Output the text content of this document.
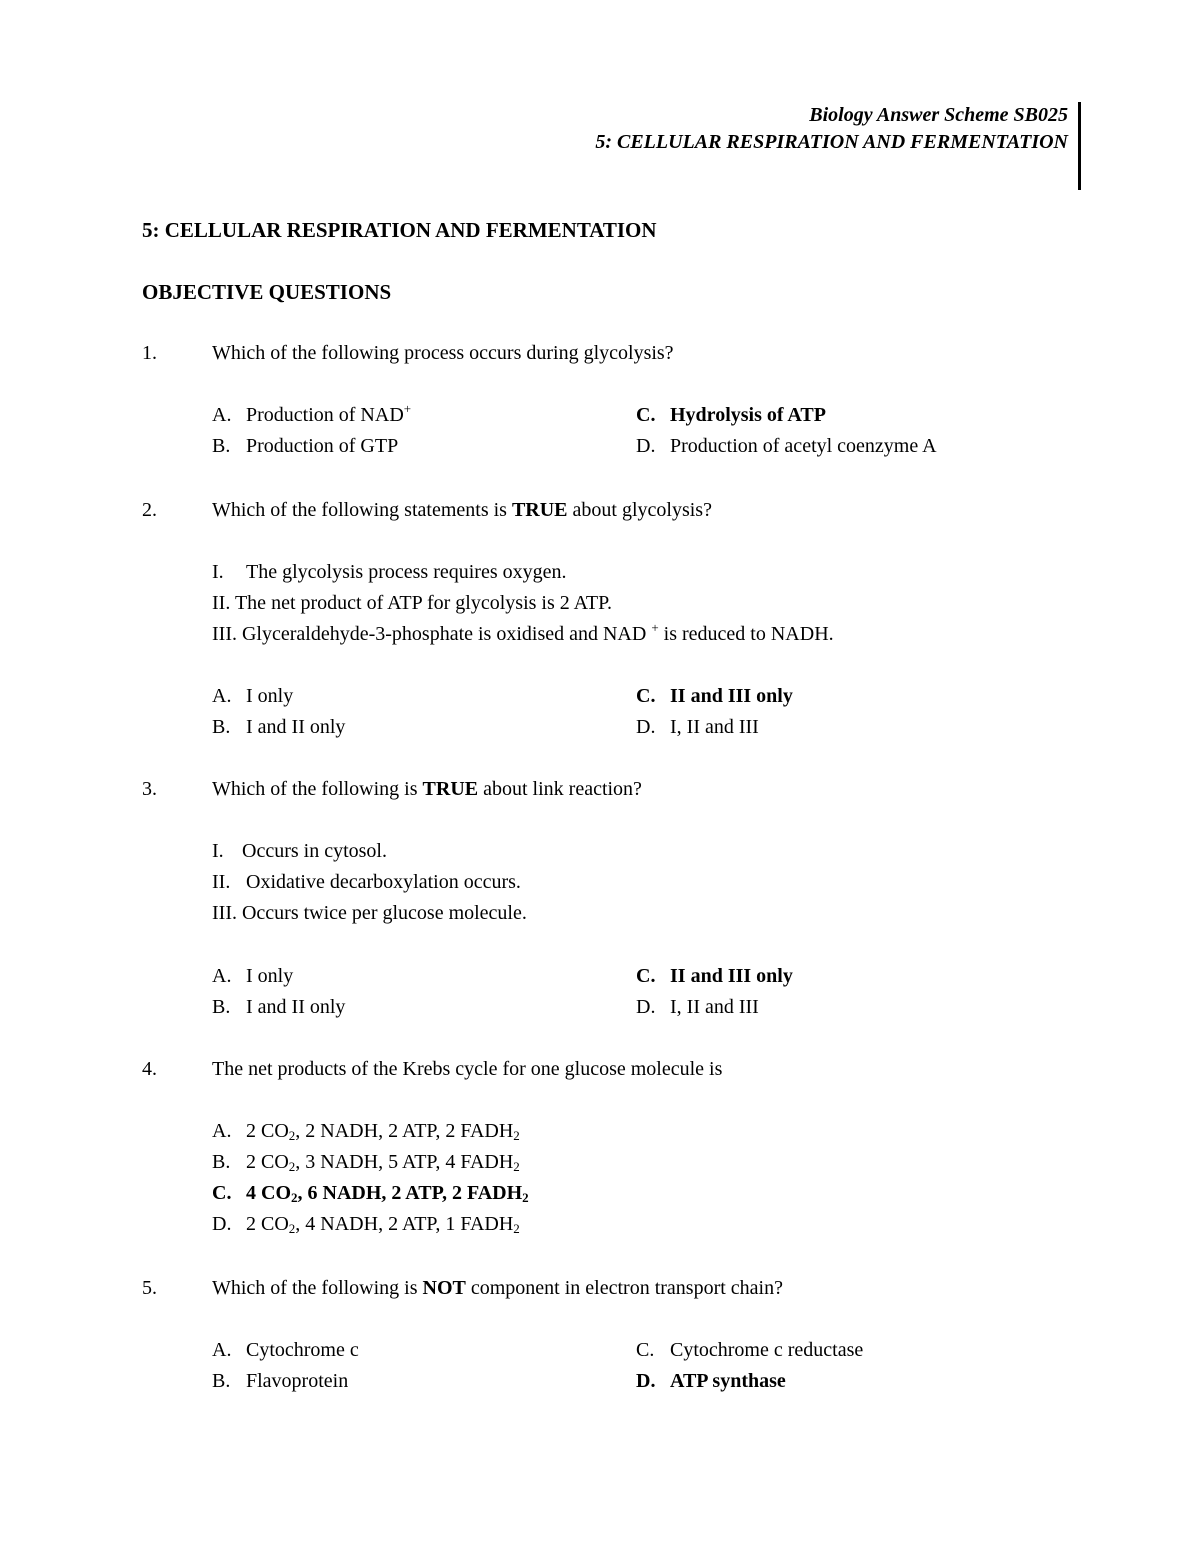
Biology Answer Scheme SB025
5: CELLULAR RESPIRATION AND FERMENTATION
5: CELLULAR RESPIRATION AND FERMENTATION
OBJECTIVE QUESTIONS
1.	Which of the following process occurs during glycolysis?
A. Production of NAD+	C. Hydrolysis of ATP
B. Production of GTP	D. Production of acetyl coenzyme A
2.	Which of the following statements is TRUE about glycolysis?
I. The glycolysis process requires oxygen.
II. The net product of ATP for glycolysis is 2 ATP.
III. Glyceraldehyde-3-phosphate is oxidised and NAD + is reduced to NADH.
A. I only	C. II and III only
B. I and II only	D. I, II and III
3.	Which of the following is TRUE about link reaction?
I. Occurs in cytosol.
II. Oxidative decarboxylation occurs.
III. Occurs twice per glucose molecule.
A. I only	C. II and III only
B. I and II only	D. I, II and III
4.	The net products of the Krebs cycle for one glucose molecule is
A. 2 $CO_2$, 2 NADH, 2 ATP, 2 $FADH_2$
B. 2 $CO_2$, 3 NADH, 5 ATP, 4 $FADH_2$
C. 4 $CO_2$, 6 NADH, 2 ATP, 2 $FADH_2$
D. 2 $CO_2$, 4 NADH, 2 ATP, 1 $FADH_2$
5.	Which of the following is NOT component in electron transport chain?
A. Cytochrome c	C. Cytochrome c reductase
B. Flavoprotein	D. ATP synthase
